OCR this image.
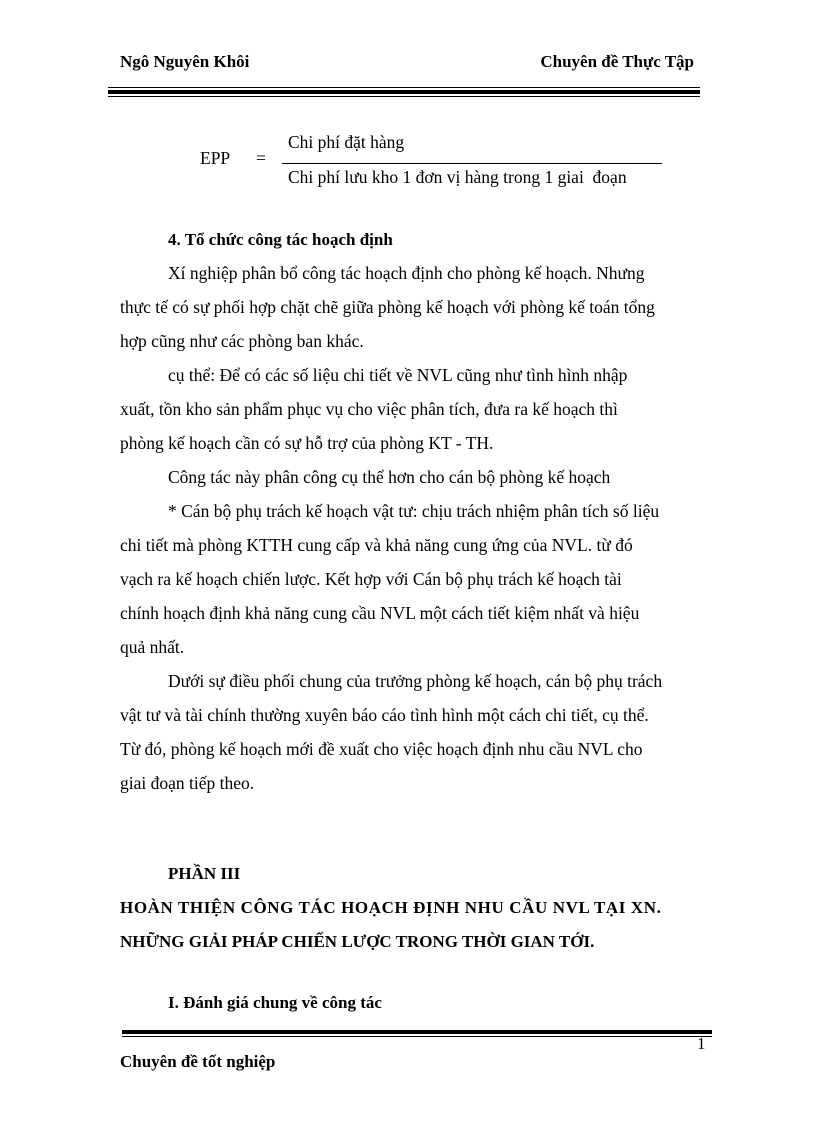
Ngô Nguyên Khôi	Chuyên đề Thực Tập
EPP =
Chi phí đặt hàng
Chi phí lưu kho 1 đơn vị hàng trong 1 giai  đoạn
4. Tổ chức công tác hoạch định
Xí nghiệp phân bổ công tác hoạch định cho phòng kế hoạch. Nhưng
thực tế có sự phối hợp chặt chẽ giữa phòng kế hoạch với phòng kế toán tổng
hợp cũng như các phòng ban khác.
cụ thể: Để có các số liệu chi tiết về NVL cũng như tình hình nhập
xuất, tồn kho sản phẩm phục vụ cho việc phân tích, đưa ra kế hoạch thì
phòng kế hoạch cần có sự hỗ trợ của phòng KT - TH.
Công tác này phân công cụ thể hơn cho cán bộ phòng kế hoạch
* Cán bộ phụ trách kế hoạch vật tư: chịu trách nhiệm phân tích số liệu
chi tiết mà phòng KTTH cung cấp và khả năng cung ứng của NVL. từ đó
vạch ra kế hoạch chiến lược. Kết hợp với Cán bộ phụ trách kế hoạch tài
chính hoạch định khả năng cung cầu NVL một cách tiết kiệm nhất và hiệu
quả nhất.
Dưới sự điều phối chung của trưởng phòng kế hoạch, cán bộ phụ trách
vật tư và tài chính thường xuyên báo cáo tình hình một cách chi tiết, cụ thể.
Từ đó, phòng kế hoạch mới đề xuất cho việc hoạch định nhu cầu NVL cho
giai đoạn tiếp theo.
PHẦN III
HOÀN THIỆN CÔNG TÁC HOẠCH ĐỊNH NHU CẦU NVL TẠI XN.
NHỮNG GIẢI PHÁP CHIẾN LƯỢC TRONG THỜI GIAN TỚI.
I. Đánh giá chung về công tác
1
Chuyên đề tốt nghiệp
